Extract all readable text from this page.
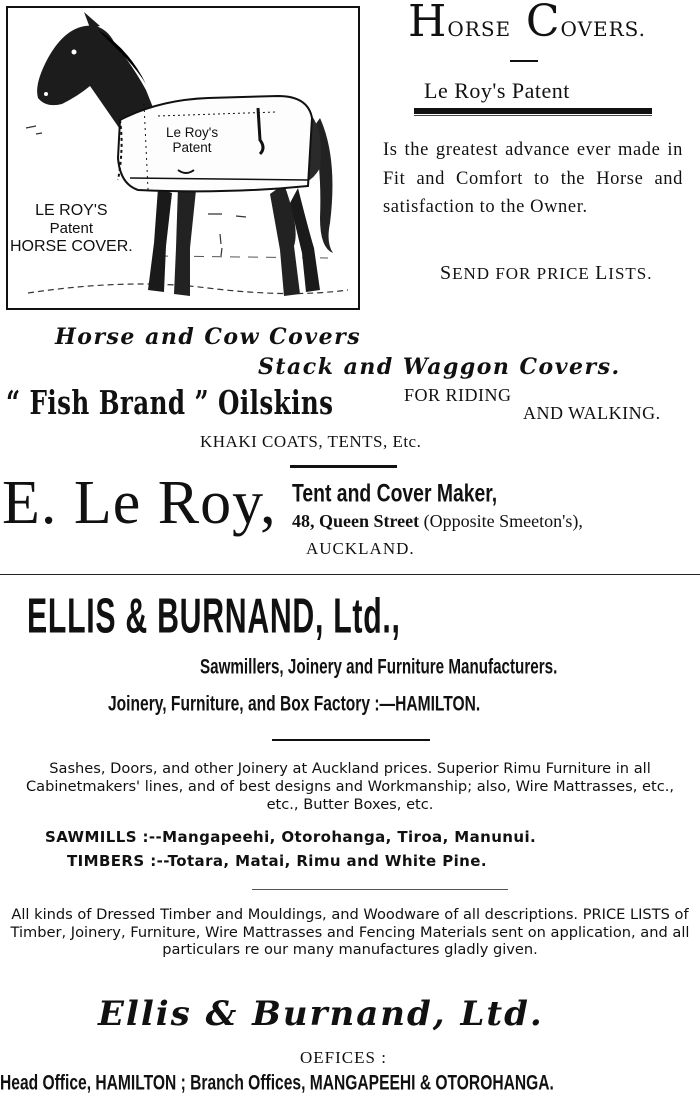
Le Roy's
Patent
LE ROY'S
Patent
HORSE COVER.
HORSE COVERS.
Le Roy's Patent
Is the greatest advance ever made in Fit and Comfort to the Horse and satisfaction to the Owner.
SEND FOR PRICE LISTS.
Horse and Cow Covers
Stack and Waggon Covers.
“ Fish Brand ” Oilskins	FOR RIDING
AND WALKING.
KHAKI COATS, TENTS, Etc.
E. Le Roy, Tent and Cover Maker,
48, Queen Street (Opposite Smeeton's),
AUCKLAND.
ELLIS & BURNAND, Ltd.,
Sawmillers, Joinery and Furniture Manufacturers.
Joinery, Furniture, and Box Factory :—HAMILTON.
Sashes, Doors, and other Joinery at Auckland prices. Superior Rimu Furniture in all Cabinetmakers' lines, and of best designs and Workmanship; also, Wire Mattrasses, etc., etc., Butter Boxes, etc.
SAWMILLS :--Mangapeehi, Otorohanga, Tiroa, Manunui.
TIMBERS :--Totara, Matai, Rimu and White Pine.
All kinds of Dressed Timber and Mouldings, and Woodware of all descriptions. PRICE LISTS of Timber, Joinery, Furniture, Wire Mattrasses and Fencing Materials sent on application, and all particulars re our many manufactures gladly given.
Ellis & Burnand, Ltd.
OEFICES :
Head Office, HAMILTON ; Branch Offices, MANGAPEEHI & OTOROHANGA.
